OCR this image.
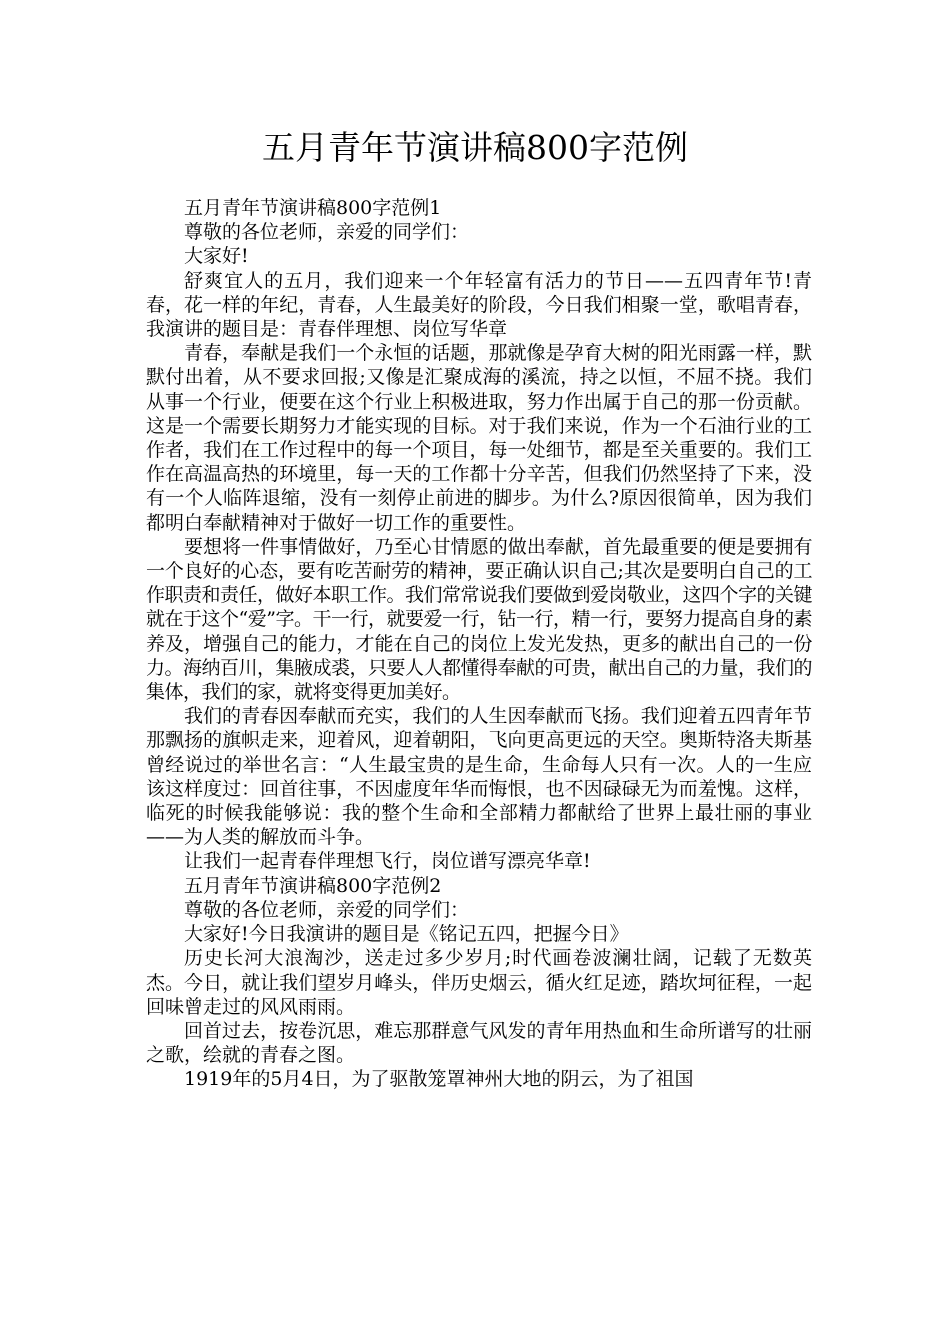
五月青年节演讲稿800字范例

五月青年节演讲稿800字范例1

尊敬的各位老师，亲爱的同学们：

大家好!

舒爽宜人的五月，我们迎来一个年轻富有活力的节日——五四青年节!青春，花一样的年纪，青春，人生最美好的阶段，今日我们相聚一堂，歌唱青春，我演讲的题目是：青春伴理想、岗位写华章

青春，奉献是我们一个永恒的话题，那就像是孕育大树的阳光雨露一样，默默付出着，从不要求回报;又像是汇聚成海的溪流，持之以恒，不屈不挠。我们从事一个行业，便要在这个行业上积极进取，努力作出属于自己的那一份贡献。这是一个需要长期努力才能实现的目标。对于我们来说，作为一个石油行业的工作者，我们在工作过程中的每一个项目，每一处细节，都是至关重要的。我们工作在高温高热的环境里，每一天的工作都十分辛苦，但我们仍然坚持了下来，没有一个人临阵退缩，没有一刻停止前进的脚步。为什么?原因很简单，因为我们都明白奉献精神对于做好一切工作的重要性。

要想将一件事情做好，乃至心甘情愿的做出奉献，首先最重要的便是要拥有一个良好的心态，要有吃苦耐劳的精神，要正确认识自己;其次是要明白自己的工作职责和责任，做好本职工作。我们常常说我们要做到爱岗敬业，这四个字的关键就在于这个“爱”字。干一行，就要爱一行，钻一行，精一行，要努力提高自身的素养及，增强自己的能力，才能在自己的岗位上发光发热，更多的献出自己的一份力。海纳百川，集腋成裘，只要人人都懂得奉献的可贵，献出自己的力量，我们的集体，我们的家，就将变得更加美好。

我们的青春因奉献而充实，我们的人生因奉献而飞扬。我们迎着五四青年节那飘扬的旗帜走来，迎着风，迎着朝阳，飞向更高更远的天空。奥斯特洛夫斯基曾经说过的举世名言：“人生最宝贵的是生命，生命每人只有一次。人的一生应该这样度过：回首往事，不因虚度年华而悔恨，也不因碌碌无为而羞愧。这样，临死的时候我能够说：我的整个生命和全部精力都献给了世界上最壮丽的事业——为人类的解放而斗争。

让我们一起青春伴理想飞行，岗位谱写漂亮华章!

五月青年节演讲稿800字范例2

尊敬的各位老师，亲爱的同学们：

大家好!今日我演讲的题目是《铭记五四，把握今日》

历史长河大浪淘沙，送走过多少岁月;时代画卷波澜壮阔，记载了无数英杰。今日，就让我们望岁月峰头，伴历史烟云，循火红足迹，踏坎坷征程，一起回味曾走过的风风雨雨。

回首过去，按卷沉思，难忘那群意气风发的青年用热血和生命所谱写的壮丽之歌，绘就的青春之图。

1919年的5月4日，为了驱散笼罩神州大地的阴云，为了祖国
